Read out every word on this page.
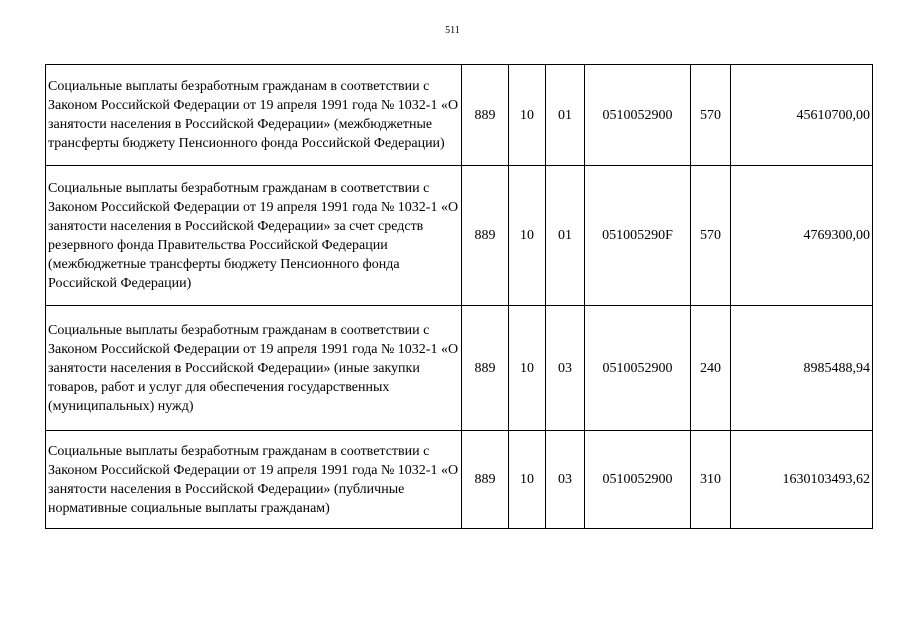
511
Социальные выплаты безработным гражданам в соответствии с Законом Российской Федерации от 19 апреля 1991 года № 1032-1 «О занятости населения в Российской Федерации» (межбюджетные трансферты бюджету Пенсионного фонда Российской Федерации)	889	10	01	0510052900	570	45610700,00
Социальные выплаты безработным гражданам в соответствии с Законом Российской Федерации от 19 апреля 1991 года № 1032-1 «О занятости населения в Российской Федерации» за счет средств резервного фонда Правительства Российской Федерации (межбюджетные трансферты бюджету Пенсионного фонда Российской Федерации)	889	10	01	051005290F	570	4769300,00
Социальные выплаты безработным гражданам в соответствии с Законом Российской Федерации от 19 апреля 1991 года № 1032-1 «О занятости населения в Российской Федерации» (иные закупки товаров, работ и услуг для обеспечения государственных (муниципальных) нужд)	889	10	03	0510052900	240	8985488,94
Социальные выплаты безработным гражданам в соответствии с Законом Российской Федерации от 19 апреля 1991 года № 1032-1 «О занятости населения в Российской Федерации» (публичные нормативные социальные выплаты гражданам)	889	10	03	0510052900	310	1630103493,62
